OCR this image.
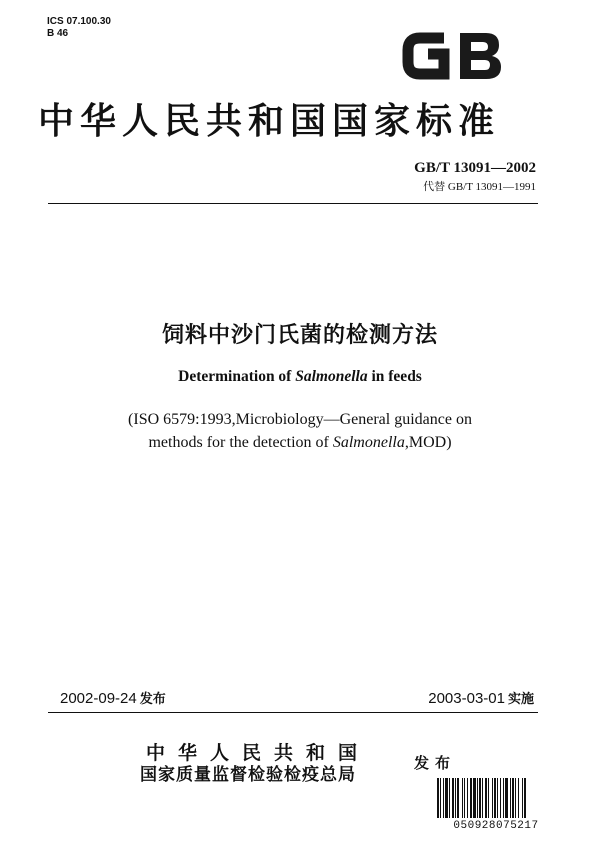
ICS 07.100.30
B 46
中华人民共和国国家标准
GB/T 13091—2002
代替 GB/T 13091—1991
饲料中沙门氏菌的检测方法
Determination of Salmonella in feeds
(ISO 6579:1993,Microbiology—General guidance on
methods for the detection of Salmonella,MOD)
2002-09-24 发布	2003-03-01 实施
中华人民共和国
国家质量监督检验检疫总局
发布
050928075217
